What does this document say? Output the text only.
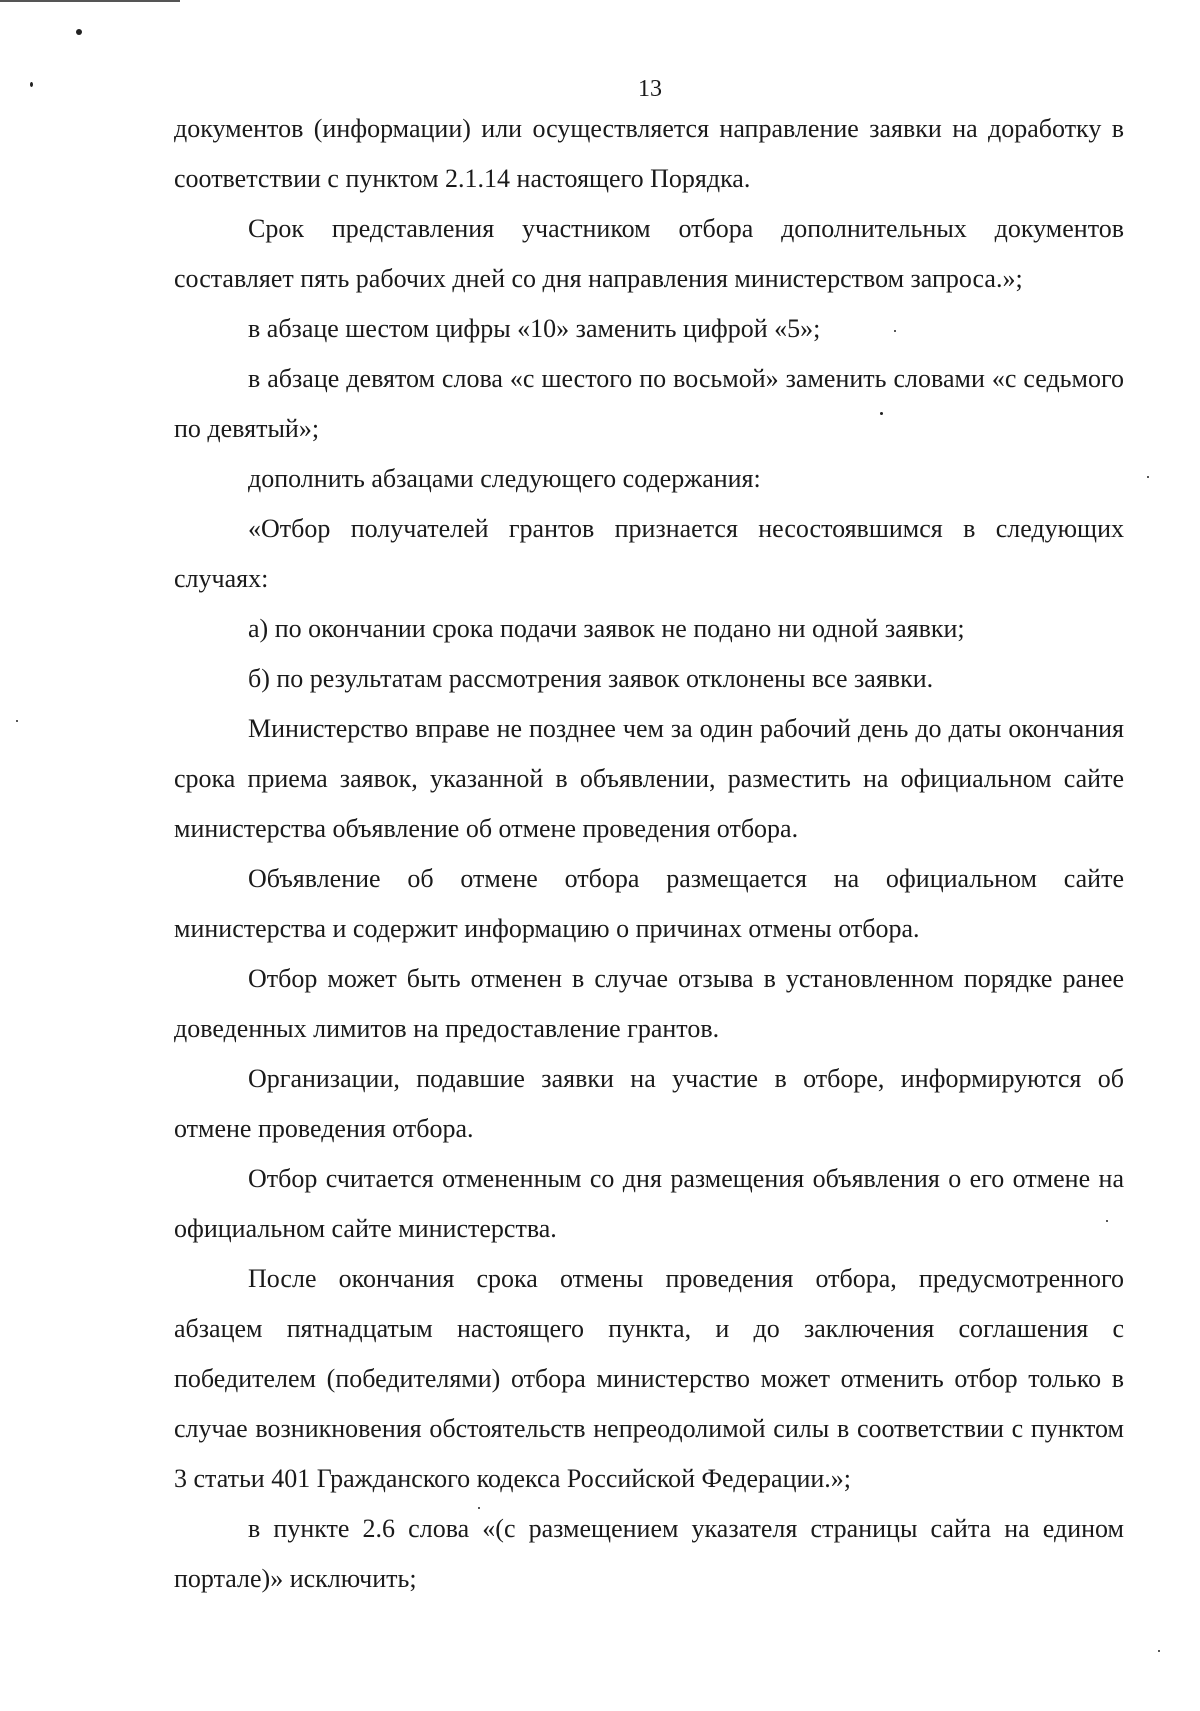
13

документов (информации) или осуществляется направление заявки на доработку в соответствии с пунктом 2.1.14 настоящего Порядка.

Срок представления участником отбора дополнительных документов составляет пять рабочих дней со дня направления министерством запроса.»;

в абзаце шестом цифры «10» заменить цифрой «5»;

в абзаце девятом слова «с шестого по восьмой» заменить словами «с седьмого по девятый»;

дополнить абзацами следующего содержания:

«Отбор получателей грантов признается несостоявшимся в следующих случаях:

а) по окончании срока подачи заявок не подано ни одной заявки;

б) по результатам рассмотрения заявок отклонены все заявки.

Министерство вправе не позднее чем за один рабочий день до даты окончания срока приема заявок, указанной в объявлении, разместить на официальном сайте министерства объявление об отмене проведения отбора.

Объявление об отмене отбора размещается на официальном сайте министерства и содержит информацию о причинах отмены отбора.

Отбор может быть отменен в случае отзыва в установленном порядке ранее доведенных лимитов на предоставление грантов.

Организации, подавшие заявки на участие в отборе, информируются об отмене проведения отбора.

Отбор считается отмененным со дня размещения объявления о его отмене на официальном сайте министерства.

После окончания срока отмены проведения отбора, предусмотренного абзацем пятнадцатым настоящего пункта, и до заключения соглашения с победителем (победителями) отбора министерство может отменить отбор только в случае возникновения обстоятельств непреодолимой силы в соответствии с пунктом 3 статьи 401 Гражданского кодекса Российской Федерации.»;

в пункте 2.6 слова «(с размещением указателя страницы сайта на едином портале)» исключить;
